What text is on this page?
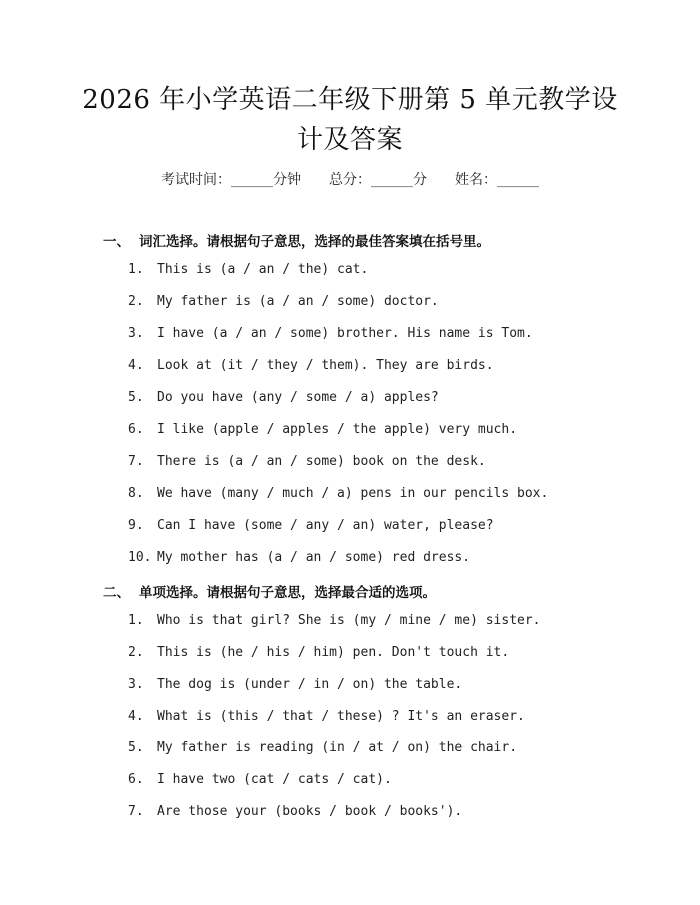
2026 年小学英语二年级下册第 5 单元教学设
计及答案
考试时间：______分钟 总分：______分 姓名：______
一、 词汇选择。请根据句子意思，选择的最佳答案填在括号里。
1. This is (a / an / the) cat.
2. My father is (a / an / some) doctor.
3. I have (a / an / some) brother. His name is Tom.
4. Look at (it / they / them). They are birds.
5. Do you have (any / some / a) apples?
6. I like (apple / apples / the apple) very much.
7. There is (a / an / some) book on the desk.
8. We have (many / much / a) pens in our pencils box.
9. Can I have (some / any / an) water, please?
10. My mother has (a / an / some) red dress.
二、 单项选择。请根据句子意思，选择最合适的选项。
1. Who is that girl? She is (my / mine / me) sister.
2. This is (he / his / him) pen. Don't touch it.
3. The dog is (under / in / on) the table.
4. What is (this / that / these) ? It's an eraser.
5. My father is reading (in / at / on) the chair.
6. I have two (cat / cats / cat).
7. Are those your (books / book / books').
